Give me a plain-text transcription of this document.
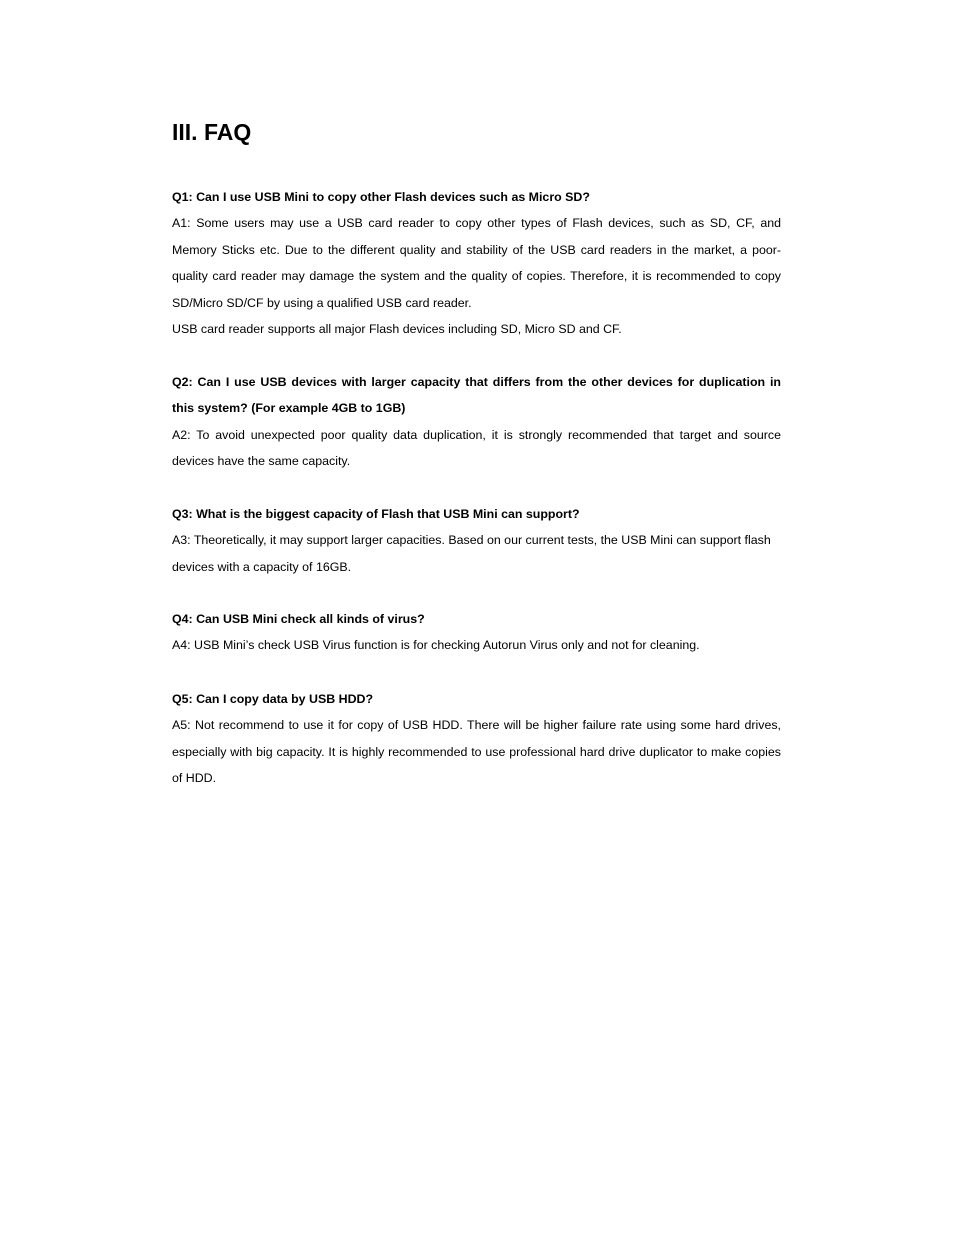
III. FAQ

Q1: Can I use USB Mini to copy other Flash devices such as Micro SD?

A1: Some users may use a USB card reader to copy other types of Flash devices, such as SD, CF, and Memory Sticks etc. Due to the different quality and stability of the USB card readers in the market, a poor-quality card reader may damage the system and the quality of copies. Therefore, it is recommended to copy SD/Micro SD/CF by using a qualified USB card reader.

USB card reader supports all major Flash devices including SD, Micro SD and CF.

Q2: Can I use USB devices with larger capacity that differs from the other devices for duplication in this system? (For example 4GB to 1GB)

A2: To avoid unexpected poor quality data duplication, it is strongly recommended that target and source devices have the same capacity.

Q3: What is the biggest capacity of Flash that USB Mini can support?

A3: Theoretically, it may support larger capacities. Based on our current tests, the USB Mini can support flash devices with a capacity of 16GB.

Q4: Can USB Mini check all kinds of virus?

A4: USB Mini’s check USB Virus function is for checking Autorun Virus only and not for cleaning.

Q5: Can I copy data by USB HDD?

A5: Not recommend to use it for copy of USB HDD. There will be higher failure rate using some hard drives, especially with big capacity. It is highly recommended to use professional hard drive duplicator to make copies of HDD.
